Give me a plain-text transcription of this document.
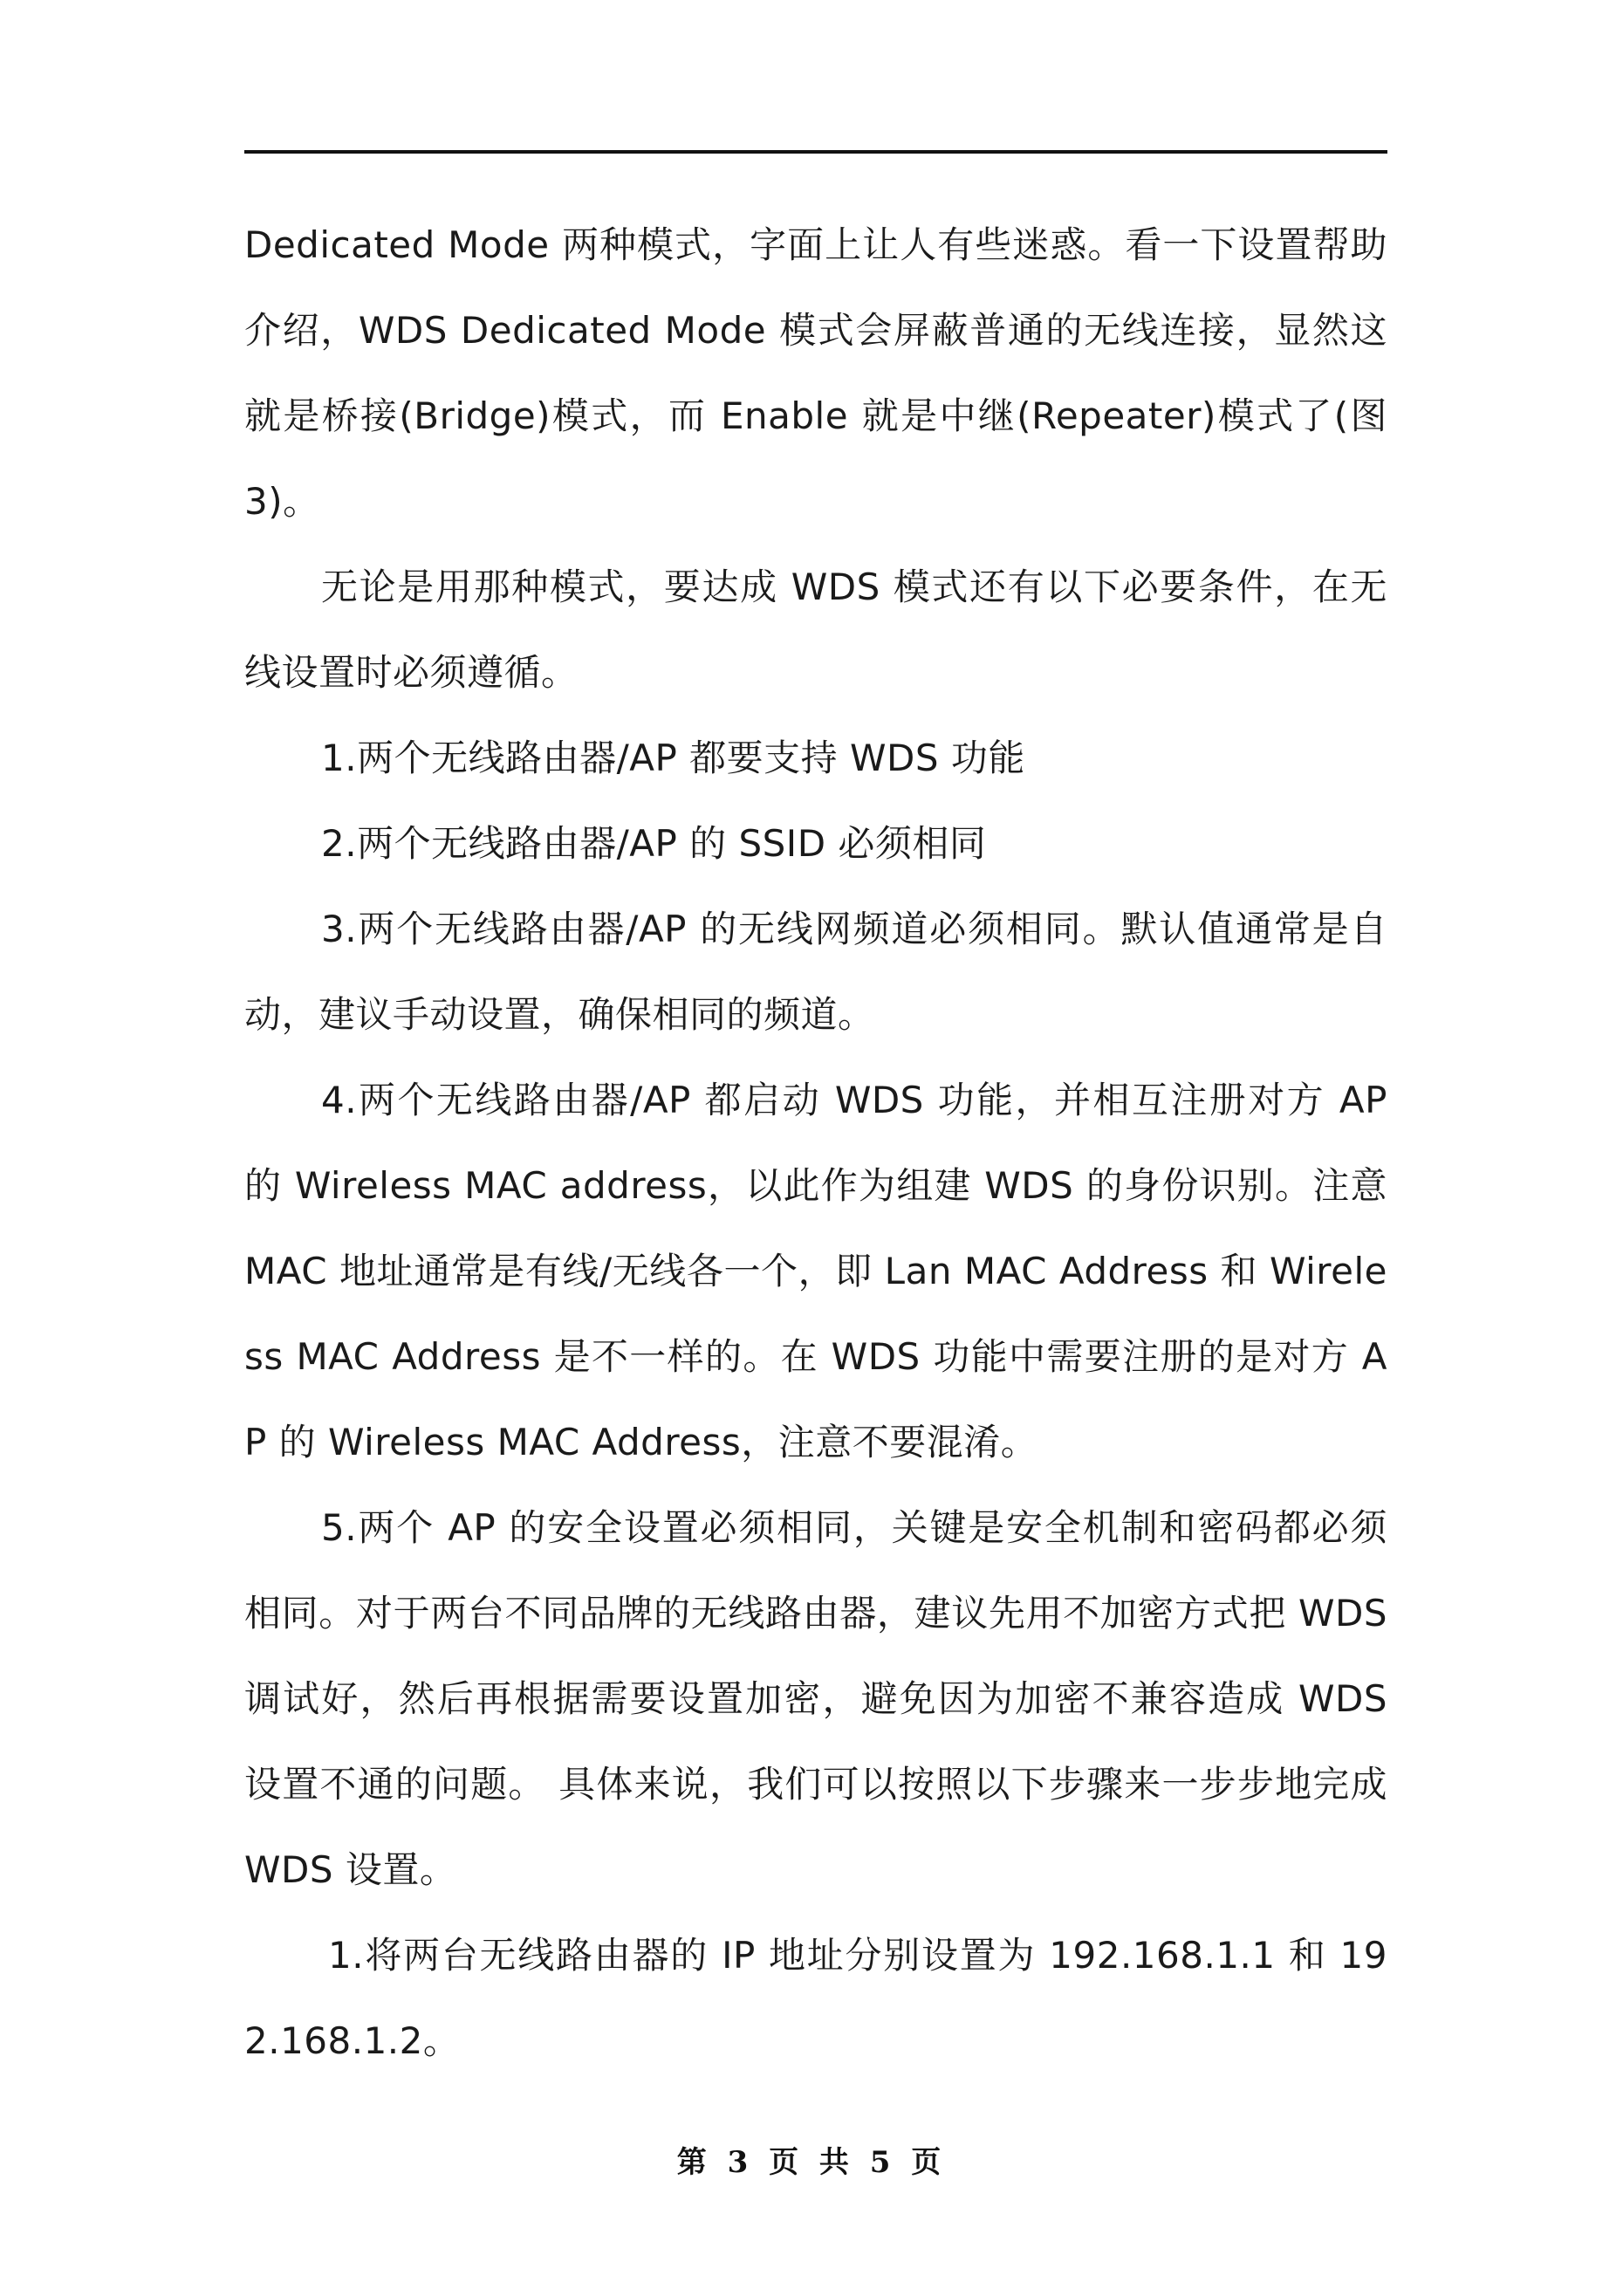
Dedicated Mode 两种模式，字面上让人有些迷惑。看一下设置帮助介绍，WDS Dedicated Mode 模式会屏蔽普通的无线连接，显然这就是桥接(Bridge)模式，而 Enable 就是中继(Repeater)模式了(图3)。

无论是用那种模式，要达成 WDS 模式还有以下必要条件，在无线设置时必须遵循。

1.两个无线路由器/AP 都要支持 WDS 功能

2.两个无线路由器/AP 的 SSID 必须相同

3.两个无线路由器/AP 的无线网频道必须相同。默认值通常是自动，建议手动设置，确保相同的频道。

4.两个无线路由器/AP 都启动 WDS 功能，并相互注册对方 AP 的 Wireless MAC address，以此作为组建 WDS 的身份识别。注意 MAC 地址通常是有线/无线各一个，即 Lan MAC Address 和 Wireless MAC Address 是不一样的。在 WDS 功能中需要注册的是对方 AP 的 Wireless MAC Address，注意不要混淆。

5.两个 AP 的安全设置必须相同，关键是安全机制和密码都必须相同。对于两台不同品牌的无线路由器，建议先用不加密方式把 WDS 调试好，然后再根据需要设置加密，避免因为加密不兼容造成 WDS 设置不通的问题。 具体来说，我们可以按照以下步骤来一步步地完成 WDS 设置。

1.将两台无线路由器的 IP 地址分别设置为 192.168.1.1 和 192.168.1.2。

第 3 页 共 5 页
